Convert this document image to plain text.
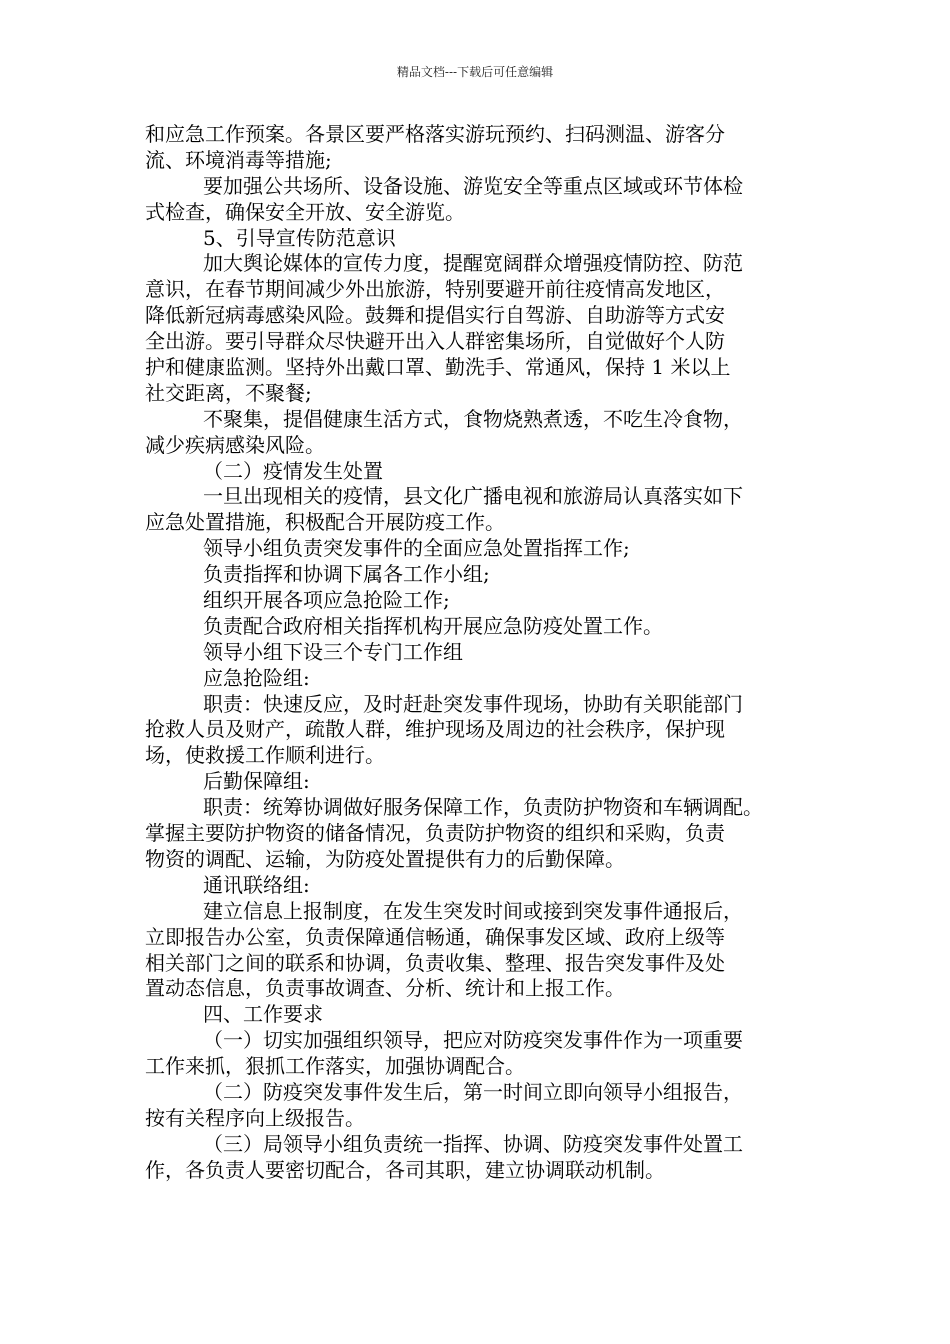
精品文档---下载后可任意编辑
和应急工作预案。各景区要严格落实游玩预约、扫码测温、游客分
流、环境消毒等措施;
要加强公共场所、设备设施、游览安全等重点区域或环节体检
式检查，确保安全开放、安全游览。
5、引导宣传防范意识
加大舆论媒体的宣传力度，提醒宽阔群众增强疫情防控、防范
意识，在春节期间减少外出旅游，特别要避开前往疫情高发地区，
降低新冠病毒感染风险。鼓舞和提倡实行自驾游、自助游等方式安
全出游。要引导群众尽快避开出入人群密集场所，自觉做好个人防
护和健康监测。坚持外出戴口罩、勤洗手、常通风，保持 1 米以上
社交距离，不聚餐;
不聚集，提倡健康生活方式，食物烧熟煮透，不吃生冷食物，
减少疾病感染风险。
（二）疫情发生处置
一旦出现相关的疫情，县文化广播电视和旅游局认真落实如下
应急处置措施，积极配合开展防疫工作。
领导小组负责突发事件的全面应急处置指挥工作;
负责指挥和协调下属各工作小组;
组织开展各项应急抢险工作;
负责配合政府相关指挥机构开展应急防疫处置工作。
领导小组下设三个专门工作组
应急抢险组:
职责：快速反应，及时赶赴突发事件现场，协助有关职能部门
抢救人员及财产，疏散人群，维护现场及周边的社会秩序，保护现
场，使救援工作顺利进行。
后勤保障组:
职责：统筹协调做好服务保障工作，负责防护物资和车辆调配。
掌握主要防护物资的储备情况，负责防护物资的组织和采购，负责
物资的调配、运输，为防疫处置提供有力的后勤保障。
通讯联络组:
建立信息上报制度，在发生突发时间或接到突发事件通报后，
立即报告办公室，负责保障通信畅通，确保事发区域、政府上级等
相关部门之间的联系和协调，负责收集、整理、报告突发事件及处
置动态信息，负责事故调查、分析、统计和上报工作。
四、工作要求
（一）切实加强组织领导，把应对防疫突发事件作为一项重要
工作来抓，狠抓工作落实，加强协调配合。
（二）防疫突发事件发生后，第一时间立即向领导小组报告，
按有关程序向上级报告。
（三）局领导小组负责统一指挥、协调、防疫突发事件处置工
作，各负责人要密切配合，各司其职，建立协调联动机制。
